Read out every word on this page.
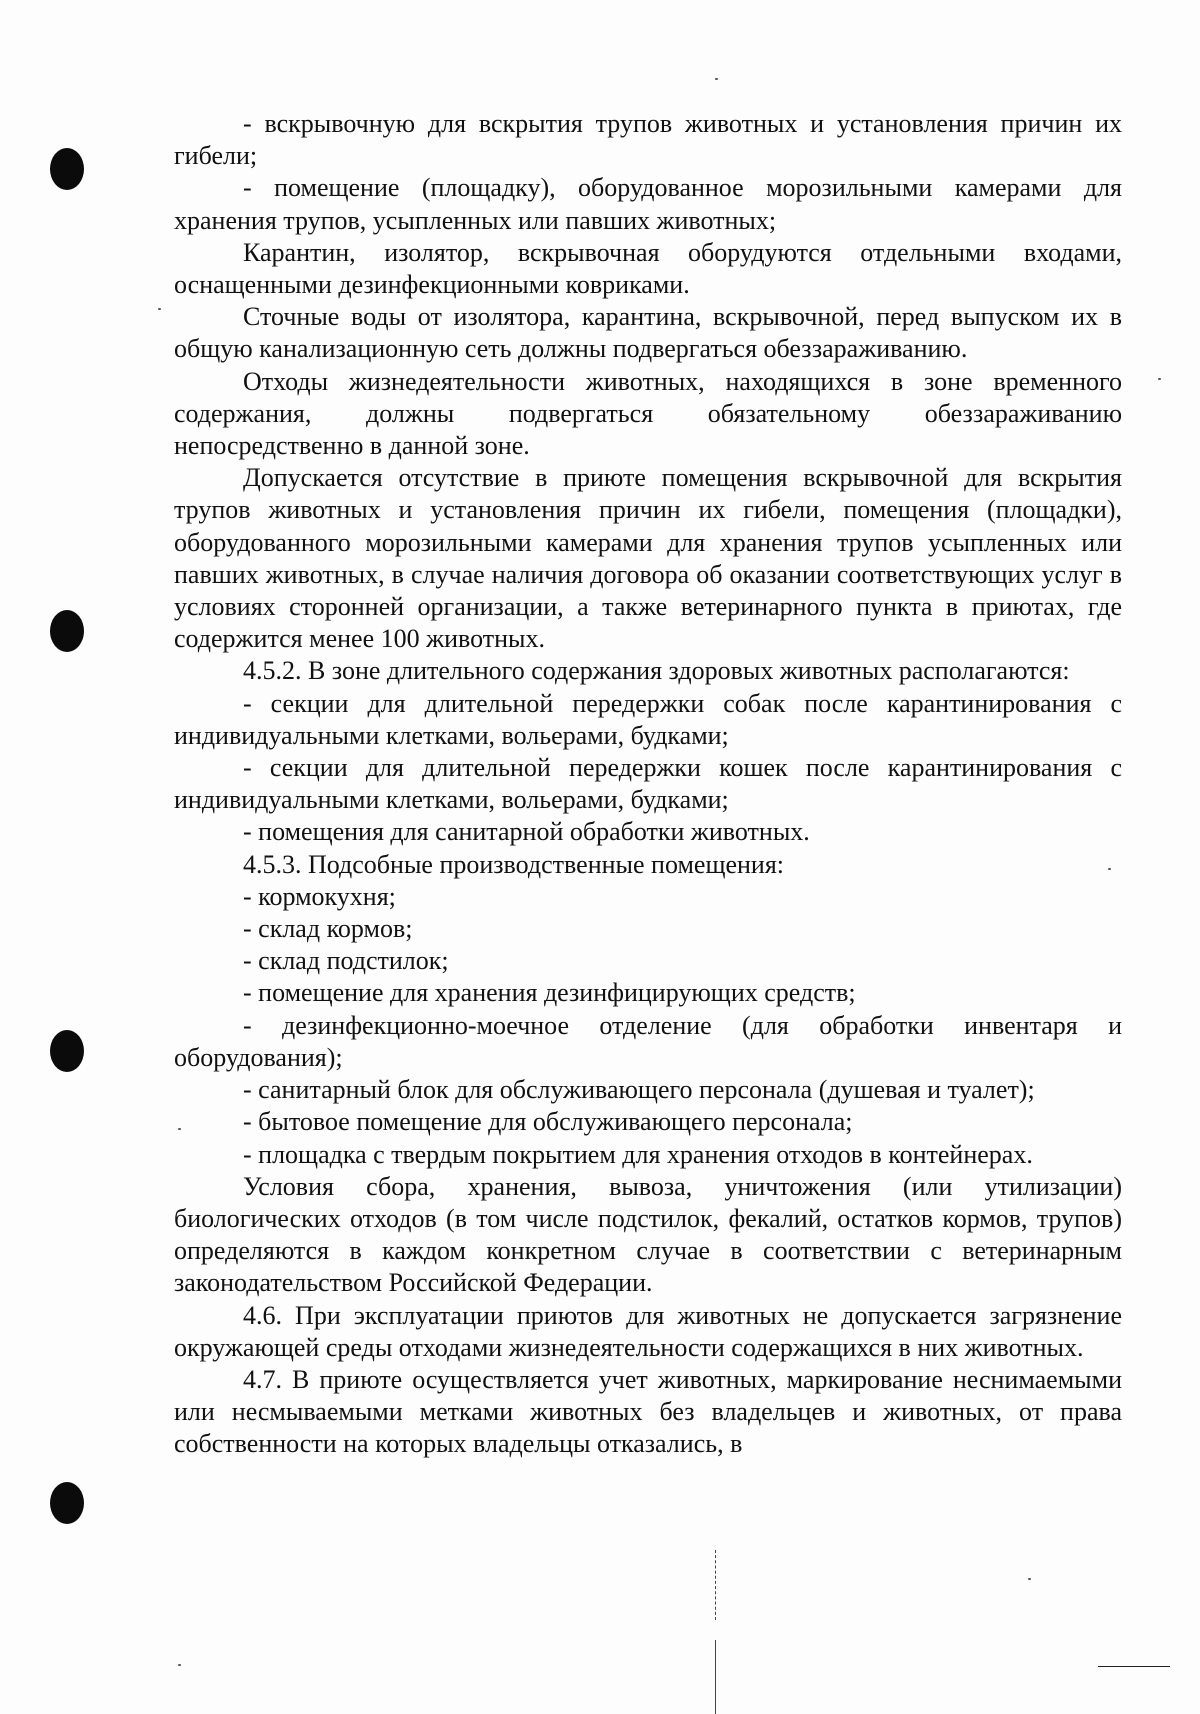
- вскрывочную для вскрытия трупов животных и установления причин их гибели;

- помещение (площадку), оборудованное морозильными камерами для хранения трупов, усыпленных или павших животных;

Карантин, изолятор, вскрывочная оборудуются отдельными входами, оснащенными дезинфекционными ковриками.

Сточные воды от изолятора, карантина, вскрывочной, перед выпуском их в общую канализационную сеть должны подвергаться обеззараживанию.

Отходы жизнедеятельности животных, находящихся в зоне временного содержания, должны подвергаться обязательному обеззараживанию непосредственно в данной зоне.

Допускается отсутствие в приюте помещения вскрывочной для вскрытия трупов животных и установления причин их гибели, помещения (площадки), оборудованного морозильными камерами для хранения трупов усыпленных или павших животных, в случае наличия договора об оказании соответствующих услуг в условиях сторонней организации, а также ветеринарного пункта в приютах, где содержится менее 100 животных.

4.5.2. В зоне длительного содержания здоровых животных располагаются:

- секции для длительной передержки собак после карантинирования с индивидуальными клетками, вольерами, будками;

- секции для длительной передержки кошек после карантинирования с индивидуальными клетками, вольерами, будками;

- помещения для санитарной обработки животных.

4.5.3. Подсобные производственные помещения:

- кормокухня;

- склад кормов;

- склад подстилок;

- помещение для хранения дезинфицирующих средств;

- дезинфекционно-моечное отделение (для обработки инвентаря и оборудования);

- санитарный блок для обслуживающего персонала (душевая и туалет);

- бытовое помещение для обслуживающего персонала;

- площадка с твердым покрытием для хранения отходов в контейнерах.

Условия сбора, хранения, вывоза, уничтожения (или утилизации) биологических отходов (в том числе подстилок, фекалий, остатков кормов, трупов) определяются в каждом конкретном случае в соответствии с ветеринарным законодательством Российской Федерации.

4.6. При эксплуатации приютов для животных не допускается загрязнение окружающей среды отходами жизнедеятельности содержащихся в них животных.

4.7. В приюте осуществляется учет животных, маркирование неснимаемыми или несмываемыми метками животных без владельцев и животных, от права собственности на которых владельцы отказались, в
